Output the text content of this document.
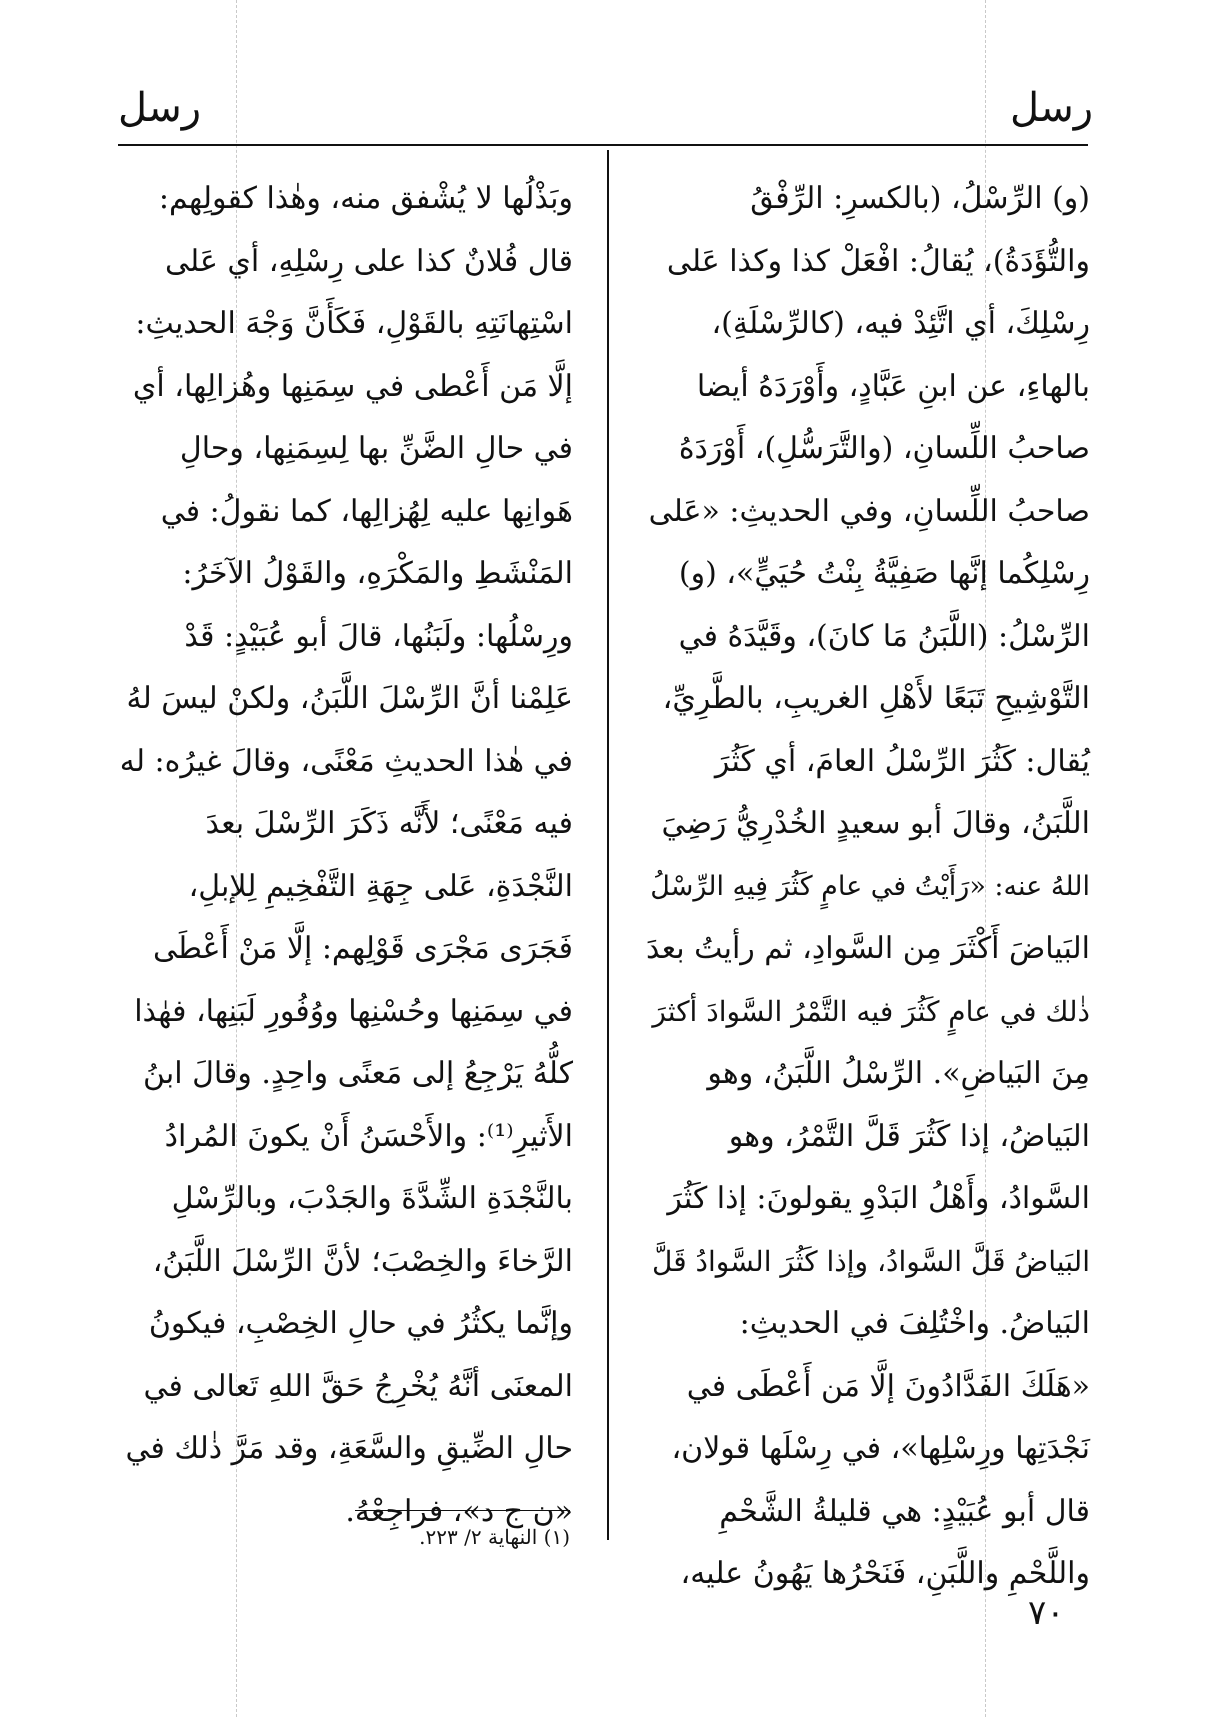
رسل
رسل

(و) الرِّسْلُ، (بالكسرِ: الرِّفْقُ

والتُّؤَدَةُ)، يُقالُ: افْعَلْ كذا وكذا عَلى

رِسْلِكَ، أي اتَّئِدْ فيه، (كالرِّسْلَةِ)،

بالهاءِ، عن ابنِ عَبَّادٍ، وأَوْرَدَهُ أيضا

صاحبُ اللِّسانِ، (والتَّرَسُّلِ)، أَوْرَدَهُ

صاحبُ اللِّسانِ، وفي الحديثِ: «عَلى

رِسْلِكُما إنَّها صَفِيَّةُ بِنْتُ حُيَيٍّ»، (و)

الرِّسْلُ: (اللَّبَنُ مَا كانَ)، وقَيَّدَهُ في

التَّوْشِيحِ تَبَعًا لأَهْلِ الغريبِ، بالطَّرِيِّ،

يُقال: كَثُرَ الرِّسْلُ العامَ، أي كَثُرَ

اللَّبَنُ، وقالَ أبو سعيدٍ الخُدْرِيُّ رَضِيَ

اللهُ عنه: «رَأَيْتُ في عامٍ كَثُرَ فِيهِ الرِّسْلُ

البَياضَ أَكْثَرَ مِن السَّوادِ، ثم رأيتُ بعدَ

ذٰلك في عامٍ كَثُرَ فيه التَّمْرُ السَّوادَ أكثرَ

مِنَ البَياضِ». الرِّسْلُ اللَّبَنُ، وهو

البَياضُ، إذا كَثُرَ قَلَّ التَّمْرُ، وهو

السَّوادُ، وأَهْلُ البَدْوِ يقولونَ: إذا كَثُرَ

البَياضُ قَلَّ السَّوادُ، وإذا كَثُرَ السَّوادُ قَلَّ

البَياضُ. واخْتُلِفَ في الحديثِ:

«هَلَكَ الفَدَّادُونَ إلَّا مَن أَعْطَى في

نَجْدَتِها ورِسْلِها»، في رِسْلَها قولان،

قال أبو عُبَيْدٍ: هي قليلةُ الشَّحْمِ

واللَّحْمِ واللَّبَنِ، فَنَحْرُها يَهُونُ عليه،

وبَذْلُها لا يُشْفق منه، وهٰذا كقولِهم:

قال فُلانٌ كذا على رِسْلِهِ، أي عَلى

اسْتِهانَتِهِ بالقَوْلِ، فَكَأَنَّ وَجْهَ الحديثِ:

إلَّا مَن أَعْطى في سِمَنِها وهُزالِها، أي

في حالِ الضَّنِّ بها لِسِمَنِها، وحالِ

هَوانِها عليه لِهُزالِها، كما نقولُ: في

المَنْشَطِ والمَكْرَهِ، والقَوْلُ الآخَرُ:

ورِسْلُها: ولَبَنُها، قالَ أبو عُبَيْدٍ: قَدْ

عَلِمْنا أنَّ الرِّسْلَ اللَّبَنُ، ولكنْ ليسَ لهُ

في هٰذا الحديثِ مَعْنًى، وقالَ غيرُه: له

فيه مَعْنًى؛ لأَنَّه ذَكَرَ الرِّسْلَ بعدَ

النَّجْدَةِ، عَلى جِهَةِ التَّفْخِيمِ لِلإبلِ،

فَجَرَى مَجْرَى قَوْلِهم: إلَّا مَنْ أَعْطَى

في سِمَنِها وحُسْنِها ووُفُورِ لَبَنِها، فهٰذا

كلُّهُ يَرْجِعُ إلى مَعنًى واحِدٍ. وقالَ ابنُ

الأَثيرِ⁽¹⁾: والأَحْسَنُ أَنْ يكونَ المُرادُ

بالنَّجْدَةِ الشِّدَّةَ والجَدْبَ، وبالرِّسْلِ

الرَّخاءَ والخِصْبَ؛ لأنَّ الرِّسْلَ اللَّبَنُ،

وإنَّما يكثُرُ في حالِ الخِصْبِ، فيكونُ

المعنَى أنَّهُ يُخْرِجُ حَقَّ اللهِ تَعالى في

حالِ الضِّيقِ والسَّعَةِ، وقد مَرَّ ذٰلك في

«ن ج د»، فراجِعْهُ.

(١) النهاية ٢/ ٢٢٣.
٧٠
